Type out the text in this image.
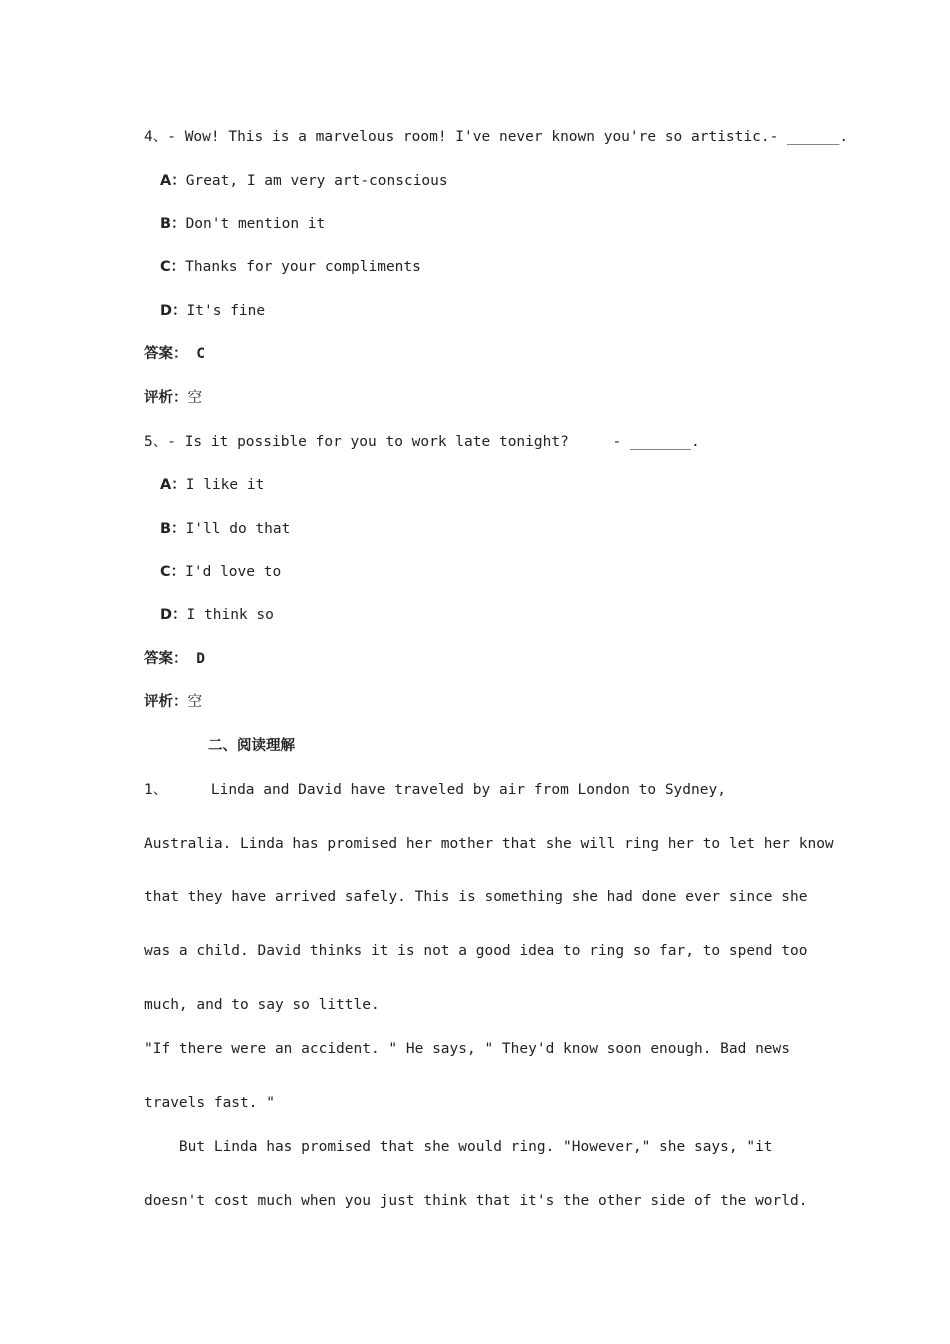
4、- Wow! This is a marvelous room! I've never known you're so artistic.- ______.
A：Great, I am very art-conscious
B：Don't mention it
C：Thanks for your compliments
D：It's fine
答案： C
评析：空
5、- Is it possible for you to work late tonight?     - _______.
A：I like it
B：I'll do that
C：I'd love to
D：I think so
答案： D
评析：空
二、阅读理解
1、     Linda and David have traveled by air from London to Sydney,
Australia. Linda has promised her mother that she will ring her to let her know
that they have arrived safely. This is something she had done ever since she
was a child. David thinks it is not a good idea to ring so far, to spend too
much, and to say so little.
"If there were an accident. " He says, " They'd know soon enough. Bad news
travels fast. "
But Linda has promised that she would ring. "However," she says, "it
doesn't cost much when you just think that it's the other side of the world.
